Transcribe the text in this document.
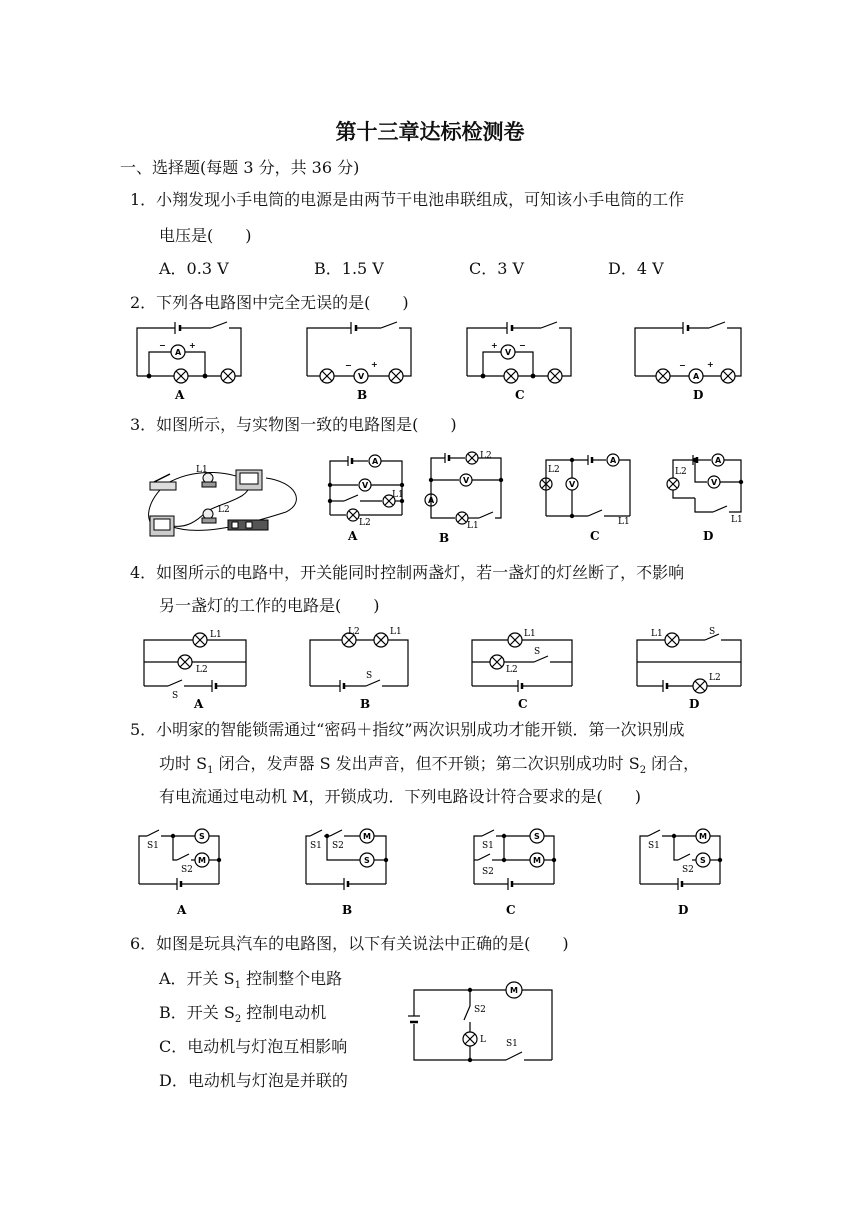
第十三章达标检测卷
一、选择题(每题 3 分，共 36 分)
1．小翔发现小手电筒的电源是由两节干电池串联组成，可知该小手电筒的工作
电压是(　　)
A．0.3 V	B．1.5 V	C．3 V	D．4 V
2．下列各电路图中完全无误的是(　　)
A
−	+
A
V
− +
B
V
+	−
C
A
−	+
D
3．如图所示，与实物图一致的电路图是(　　)
L1
L2
A
V
L1
L2
A
A
V
L2
L1
B
A
V
L2
L1
C
A
V
L2
L1
D
4．如图所示的电路中，开关能同时控制两盏灯，若一盏灯的灯丝断了，不影响
另一盏灯的工作的电路是(　　)
L1
L2
S
A
L2	L1
S
B
L1
L2
S
C
L1	S
L2
D
5．小明家的智能锁需通过“密码＋指纹”两次识别成功才能开锁．第一次识别成
功时 $S_1$ 闭合，发声器 S 发出声音，但不开锁；第二次识别成功时 $S_2$ 闭合，
有电流通过电动机 M，开锁成功．下列电路设计符合要求的是(　　)
S
M
S1
S2
A
M
S
S1 S2
B
S
M
S1
S2
C
M
S
S1
S2
D
6．如图是玩具汽车的电路图，以下有关说法中正确的是(　　)
A．开关 $S_1$ 控制整个电路
B．开关 $S_2$ 控制电动机
C．电动机与灯泡互相影响
D．电动机与灯泡是并联的
M
S2
L S1
